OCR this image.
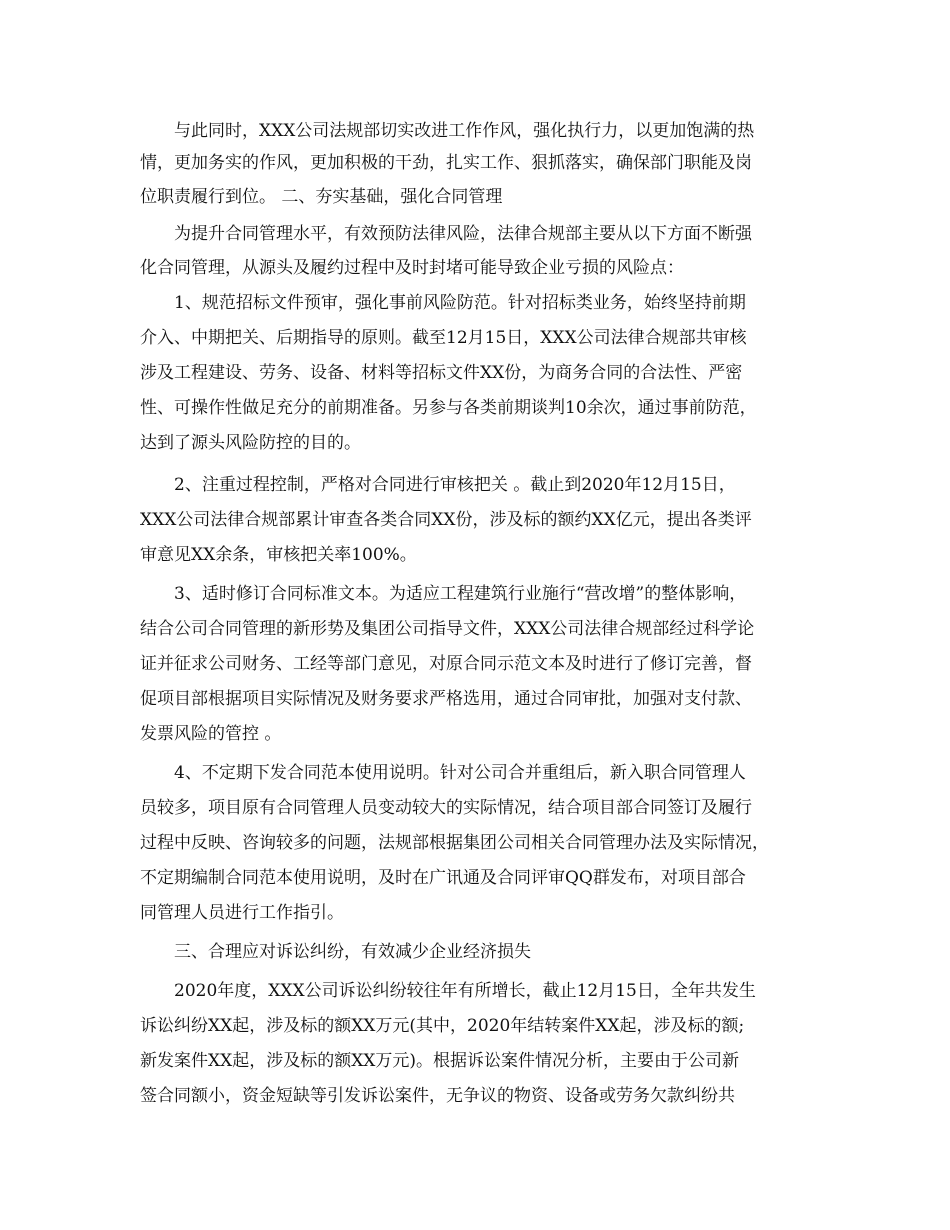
　　与此同时，XXX公司法规部切实改进工作作风，强化执行力，以更加饱满的热
情，更加务实的作风，更加积极的干劲，扎实工作、狠抓落实，确保部门职能及岗
位职责履行到位。 二、夯实基础，强化合同管理
　　为提升合同管理水平，有效预防法律风险，法律合规部主要从以下方面不断强
化合同管理，从源头及履约过程中及时封堵可能导致企业亏损的风险点：
　　1、规范招标文件预审，强化事前风险防范。针对招标类业务，始终坚持前期
介入、中期把关、后期指导的原则。截至12月15日，XXX公司法律合规部共审核
涉及工程建设、劳务、设备、材料等招标文件XX份，为商务合同的合法性、严密
性、可操作性做足充分的前期准备。另参与各类前期谈判10余次，通过事前防范，
达到了源头风险防控的目的。
　　2、注重过程控制，严格对合同进行审核把关 。截止到2020年12月15日，
XXX公司法律合规部累计审查各类合同XX份，涉及标的额约XX亿元，提出各类评
审意见XX余条，审核把关率100%。
　　3、适时修订合同标准文本。为适应工程建筑行业施行“营改增”的整体影响，
结合公司合同管理的新形势及集团公司指导文件，XXX公司法律合规部经过科学论
证并征求公司财务、工经等部门意见，对原合同示范文本及时进行了修订完善，督
促项目部根据项目实际情况及财务要求严格选用，通过合同审批，加强对支付款、
发票风险的管控 。
　　4、不定期下发合同范本使用说明。针对公司合并重组后，新入职合同管理人
员较多，项目原有合同管理人员变动较大的实际情况，结合项目部合同签订及履行
过程中反映、咨询较多的问题，法规部根据集团公司相关合同管理办法及实际情况，
不定期编制合同范本使用说明，及时在广讯通及合同评审QQ群发布，对项目部合
同管理人员进行工作指引。
　　三、合理应对诉讼纠纷，有效减少企业经济损失
　　2020年度，XXX公司诉讼纠纷较往年有所增长，截止12月15日，全年共发生
诉讼纠纷XX起，涉及标的额XX万元(其中，2020年结转案件XX起，涉及标的额;
新发案件XX起，涉及标的额XX万元)。根据诉讼案件情况分析，主要由于公司新
签合同额小，资金短缺等引发诉讼案件，无争议的物资、设备或劳务欠款纠纷共
